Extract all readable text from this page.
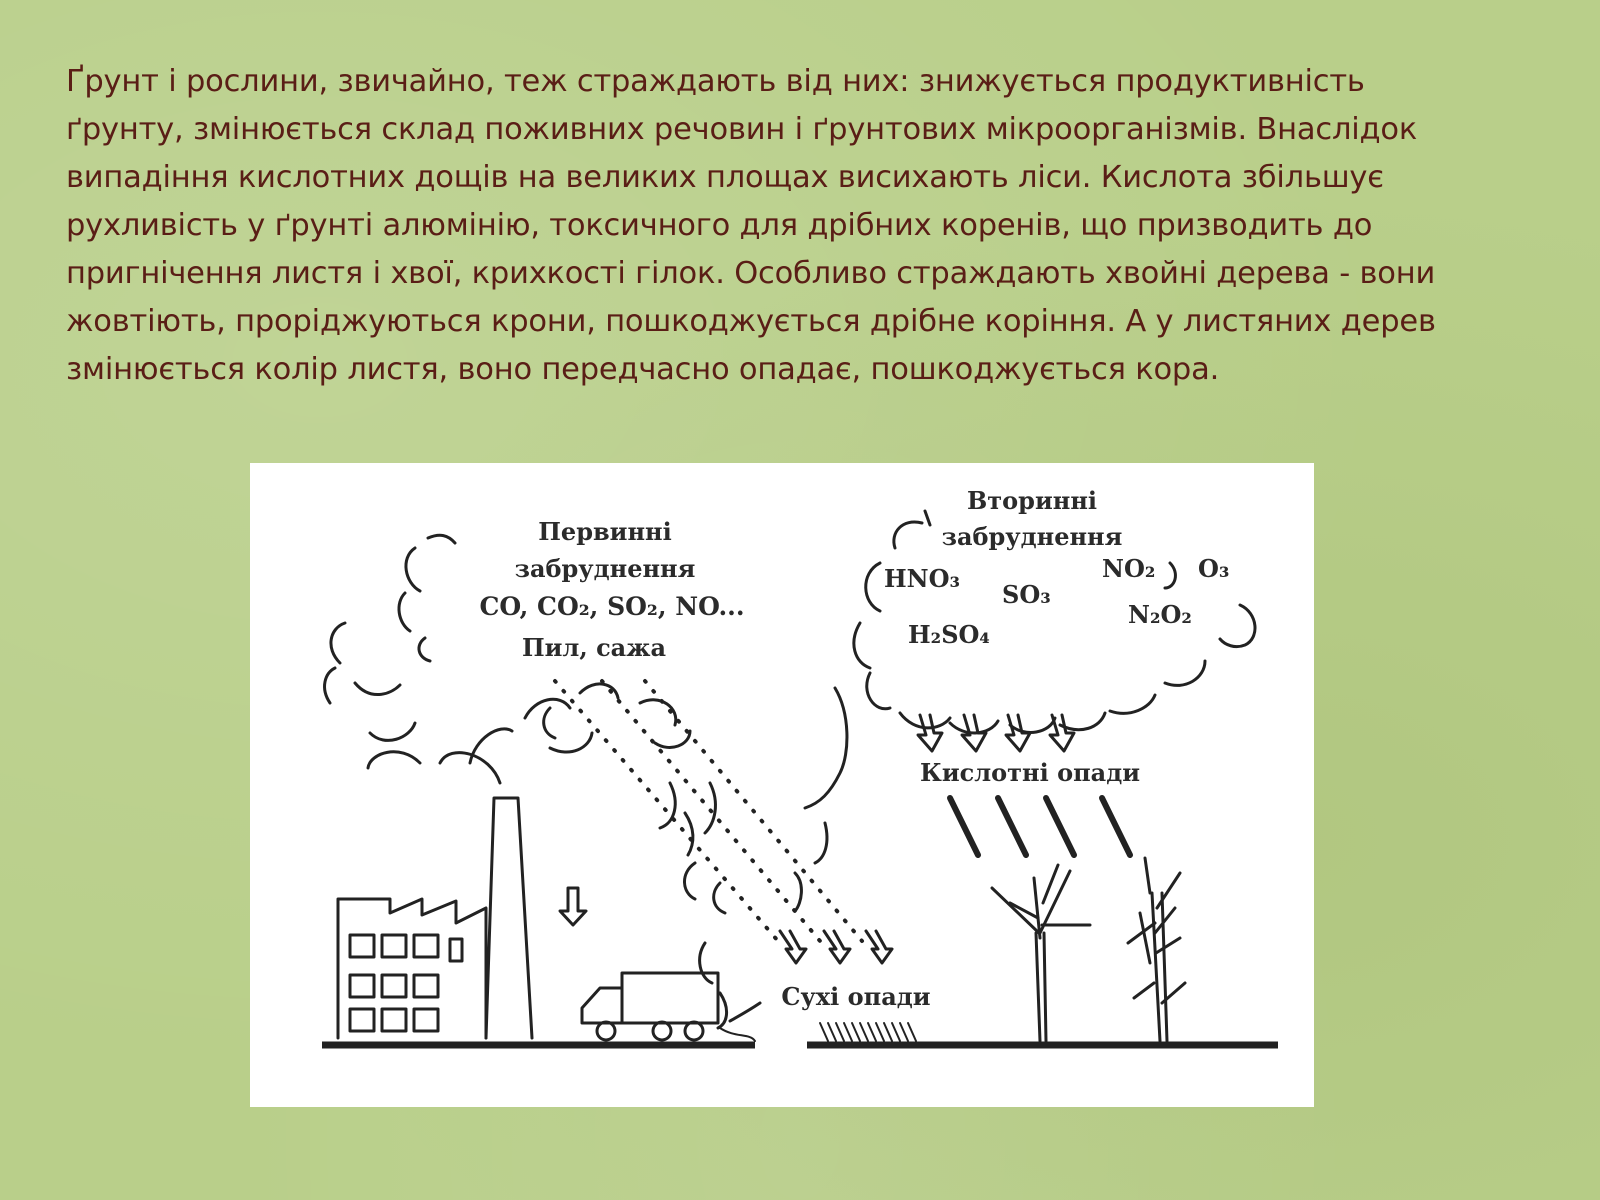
Ґрунт і рослини, звичайно, теж страждають від них: знижується продуктивність
ґрунту, змінюється склад поживних речовин і ґрунтових мікроорганізмів. Внаслідок
випадіння кислотних дощів на великих площах висихають ліси. Кислота збільшує
рухливість у ґрунті алюмінію, токсичного для дрібних коренів, що призводить до
пригнічення листя і хвої, крихкості гілок. Особливо страждають хвойні дерева - вони
жовтіють, проріджуються крони, пошкоджується дрібне коріння. А у листяних дерев
змінюється колір листя, воно передчасно опадає, пошкоджується кора.
Первинні
забруднення
CO, CO₂, SO₂, NO...
Пил, сажа
Вторинні
забруднення
HNO₃
SO₃
NO₂ O₃
H₂SO₄
N₂O₂
Кислотні опади
Сухі опади
